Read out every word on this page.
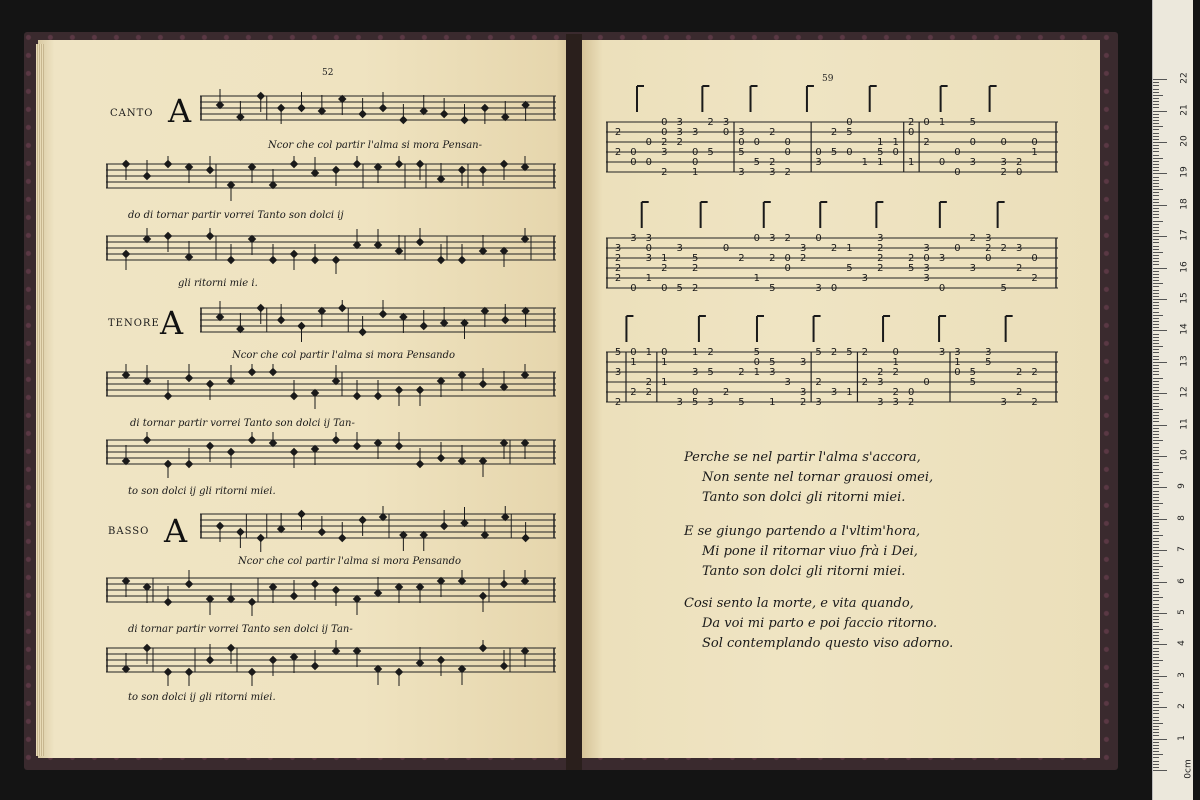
52
CANTO A
Ncor che col partir l'alma si mora Pensan-
do di tornar partir vorrei Tanto son dolci ij
gli ritorni mie i.
TENORE A
Ncor che col partir l'alma si mora Pensando
di tornar partir vorrei Tanto son dolci ij Tan-
to son dolci ij gli ritorni miei.
BASSO A
Ncor che col partir l'alma si mora Pensando
di tornar partir vorrei Tanto sen dolci ij Tan-
to son dolci ij gli ritorni miei.
59
2
2 0
0
0
0
0
0
2
3
2
3
3
2
3
0
0
1
2
5
3
0 3
0
5
3
0
5
2
2
3
0
0
2
0
3
2
5
0
5
0
1
1
5
1
1
0
2
0
1
0
2
1
0
0
0
5
0
3
0
3
2
2
0
0
1
3
2
2
2
3
0
3
0
3
1
1
2
0
3
5
5
2
2
0
2
0
1
3
2
5
2
0
0
3
2
0
3
2
0
1
5
3
3
2
2
2
2
5
3
0
3
3
3
0
0
2
3
3
2
0
2
5
3
2
0
2
5
3
2
0
1
2
1
2
2
0
1
1
3
1
3
0
5
2
5
3
2
2
5
5
0
1
5
3
1
3
3
3
2
5
2
3
2
3
5
1
2
2
2
3
3
0
1
2
2
3
0
2
0
3 3
1
0 5
5
3
5
3
2
2
2
2
Perche se nel partir l'alma s'accora,
Non sente nel tornar grauosi omei,
Tanto son dolci gli ritorni miei.
E se giungo partendo a l'vltim'hora,
Mi pone il ritornar viuo frà i Dei,
Tanto son dolci gli ritorni miei.
Cosi sento la morte, e vita quando,
Da voi mi parto e poi faccio ritorno.
Sol contemplando questo viso adorno.
0cm
1
2
3
4
5
6
7
8
9
10
11
12
13
14
15
16
17
18
19
20
21
22
